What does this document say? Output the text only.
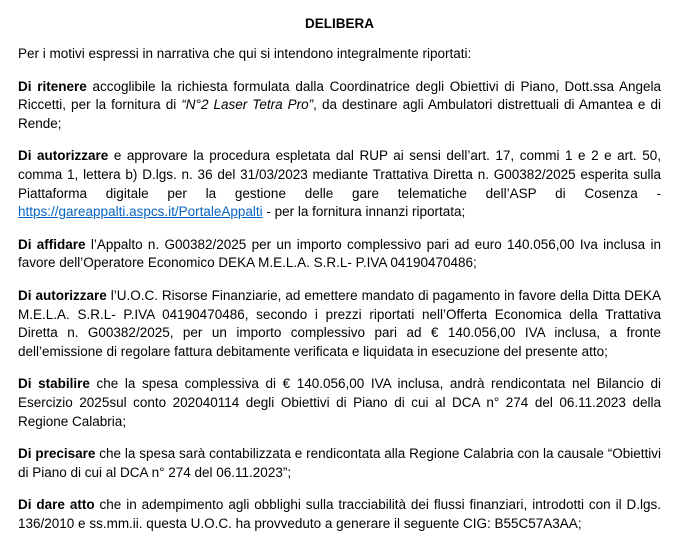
DELIBERA

Per i motivi espressi in narrativa che qui si intendono integralmente riportati:

Di ritenere accoglibile la richiesta formulata dalla Coordinatrice degli Obiettivi di Piano, Dott.ssa Angela Riccetti, per la fornitura di “N°2 Laser Tetra Pro”, da destinare agli Ambulatori distrettuali di Amantea e di Rende;

Di autorizzare e approvare la procedura espletata dal RUP ai sensi dell’art. 17, commi 1 e 2 e art. 50, comma 1, lettera b) D.lgs. n. 36 del 31/03/2023 mediante Trattativa Diretta n. G00382/2025 esperita sulla Piattaforma digitale per la gestione delle gare telematiche dell’ASP di Cosenza - https://gareappalti.aspcs.it/PortaleAppalti - per la fornitura innanzi riportata;

Di affidare l’Appalto n. G00382/2025 per un importo complessivo pari ad euro 140.056,00 Iva inclusa in favore dell’Operatore Economico DEKA M.E.L.A. S.R.L- P.IVA 04190470486;

Di autorizzare l’U.O.C. Risorse Finanziarie, ad emettere mandato di pagamento in favore della Ditta DEKA M.E.L.A. S.R.L- P.IVA 04190470486, secondo i prezzi riportati nell’Offerta Economica della Trattativa Diretta n. G00382/2025, per un importo complessivo pari ad € 140.056,00 IVA inclusa, a fronte dell’emissione di regolare fattura debitamente verificata e liquidata in esecuzione del presente atto;

Di stabilire che la spesa complessiva di € 140.056,00 IVA inclusa, andrà rendicontata nel Bilancio di Esercizio 2025sul conto 202040114 degli Obiettivi di Piano di cui al DCA n° 274 del 06.11.2023 della Regione Calabria;

Di precisare che la spesa sarà contabilizzata e rendicontata alla Regione Calabria con la causale “Obiettivi di Piano di cui al DCA n° 274 del 06.11.2023”;

Di dare atto che in adempimento agli obblighi sulla tracciabilità dei flussi finanziari, introdotti con il D.lgs. 136/2010 e ss.mm.ii. questa U.O.C. ha provveduto a generare il seguente CIG: B55C57A3AA;
